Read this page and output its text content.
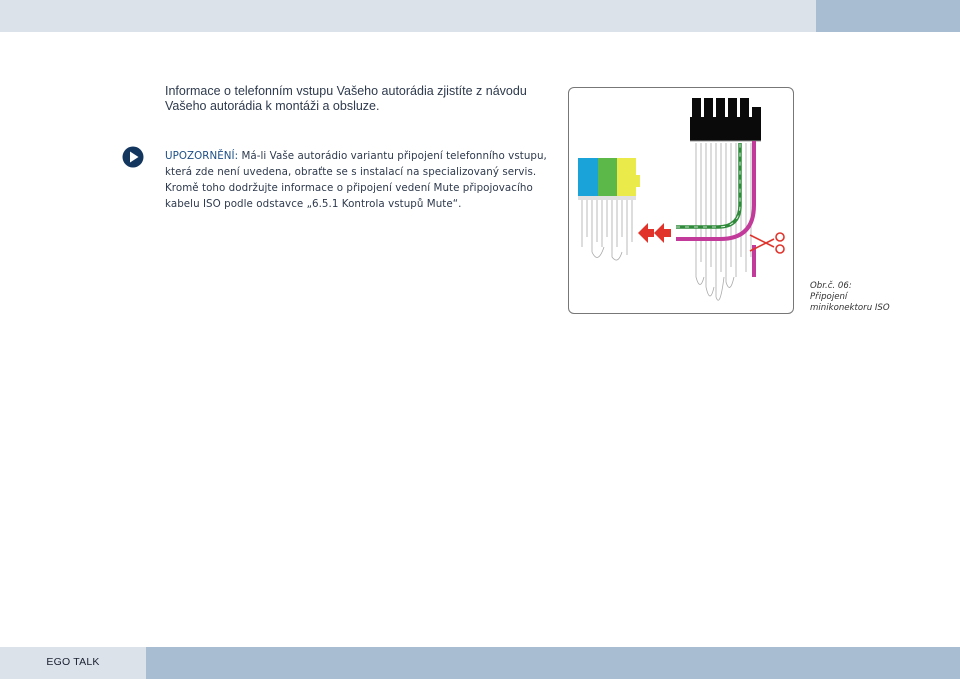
Informace o telefonním vstupu Vašeho autorádia zjistíte z návodu

Vašeho autorádia k montáži a obsluze.

UPOZORNĚNÍ: Má-li Vaše autorádio variantu připojení telefonního vstupu, která zde není uvedena, obraťte se s instalací na specializovaný servis. Kromě toho dodržujte informace o připojení vedení Mute připojovacího kabelu ISO podle odstavce „6.5.1 Kontrola vstupů Mute“.
Obr.č. 06:
Připojení
minikonektoru ISO
EGO TALK
